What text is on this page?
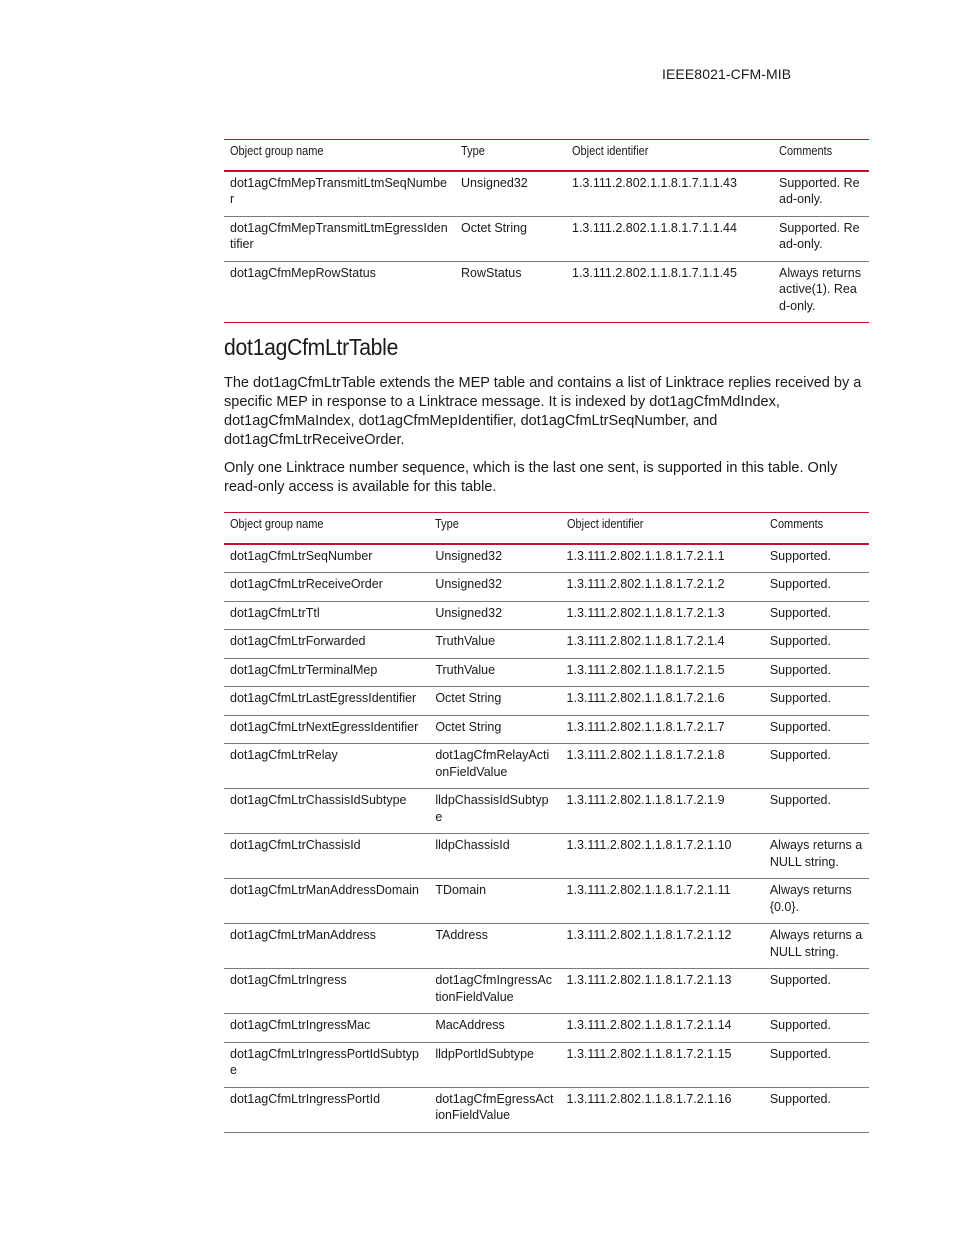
IEEE8021-CFM-MIB
Object group name	Type	Object identifier	Comments
dot1agCfmMepTransmitLtmSeqNumber	Unsigned32	1.3.111.2.802.1.1.8.1.7.1.1.43	Supported. Read-only.
dot1agCfmMepTransmitLtmEgressIdentifier	Octet String	1.3.111.2.802.1.1.8.1.7.1.1.44	Supported. Read-only.
dot1agCfmMepRowStatus	RowStatus	1.3.111.2.802.1.1.8.1.7.1.1.45	Always returns active(1). Read-only.
dot1agCfmLtrTable

The dot1agCfmLtrTable extends the MEP table and contains a list of Linktrace replies received by a specific MEP in response to a Linktrace message. It is indexed by dot1agCfmMdIndex, dot1agCfmMaIndex, dot1agCfmMepIdentifier, dot1agCfmLtrSeqNumber, and dot1agCfmLtrReceiveOrder.

Only one Linktrace number sequence, which is the last one sent, is supported in this table. Only read-only access is available for this table.

Object group name	Type	Object identifier	Comments
dot1agCfmLtrSeqNumber	Unsigned32	1.3.111.2.802.1.1.8.1.7.2.1.1	Supported.
dot1agCfmLtrReceiveOrder	Unsigned32	1.3.111.2.802.1.1.8.1.7.2.1.2	Supported.
dot1agCfmLtrTtl	Unsigned32	1.3.111.2.802.1.1.8.1.7.2.1.3	Supported.
dot1agCfmLtrForwarded	TruthValue	1.3.111.2.802.1.1.8.1.7.2.1.4	Supported.
dot1agCfmLtrTerminalMep	TruthValue	1.3.111.2.802.1.1.8.1.7.2.1.5	Supported.
dot1agCfmLtrLastEgressIdentifier	Octet String	1.3.111.2.802.1.1.8.1.7.2.1.6	Supported.
dot1agCfmLtrNextEgressIdentifier	Octet String	1.3.111.2.802.1.1.8.1.7.2.1.7	Supported.
dot1agCfmLtrRelay	dot1agCfmRelayActionFieldValue	1.3.111.2.802.1.1.8.1.7.2.1.8	Supported.
dot1agCfmLtrChassisIdSubtype	lldpChassisIdSubtype	1.3.111.2.802.1.1.8.1.7.2.1.9	Supported.
dot1agCfmLtrChassisId	lldpChassisId	1.3.111.2.802.1.1.8.1.7.2.1.10	Always returns a NULL string.
dot1agCfmLtrManAddressDomain	TDomain	1.3.111.2.802.1.1.8.1.7.2.1.11	Always returns {0.0}.
dot1agCfmLtrManAddress	TAddress	1.3.111.2.802.1.1.8.1.7.2.1.12	Always returns a NULL string.
dot1agCfmLtrIngress	dot1agCfmIngressActionFieldValue	1.3.111.2.802.1.1.8.1.7.2.1.13	Supported.
dot1agCfmLtrIngressMac	MacAddress	1.3.111.2.802.1.1.8.1.7.2.1.14	Supported.
dot1agCfmLtrIngressPortIdSubtype	lldpPortIdSubtype	1.3.111.2.802.1.1.8.1.7.2.1.15	Supported.
dot1agCfmLtrIngressPortId	dot1agCfmEgressActionFieldValue	1.3.111.2.802.1.1.8.1.7.2.1.16	Supported.
